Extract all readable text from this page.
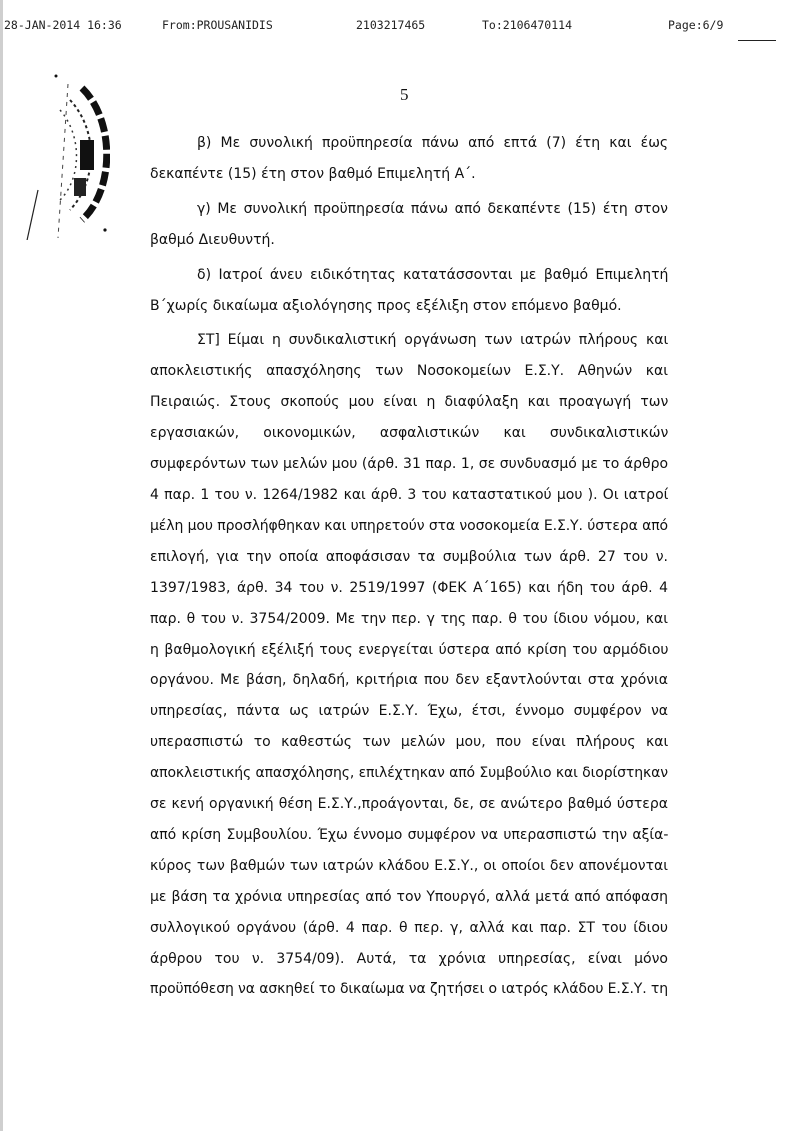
28-JAN-2014 16:36	From:PROUSANIDIS	2103217465	To:2106470114	Page:6/9
5
β) Με συνολική προϋπηρεσία πάνω από επτά (7) έτη και έως
δεκαπέντε (15) έτη στον βαθμό Επιμελητή Α΄.
γ) Με συνολική προϋπηρεσία πάνω από δεκαπέντε (15) έτη στον
βαθμό Διευθυντή.
δ) Ιατροί άνευ ειδικότητας κατατάσσονται με βαθμό Επιμελητή
Β΄χωρίς δικαίωμα αξιολόγησης προς εξέλιξη στον επόμενο βαθμό.
ΣΤ] Είμαι η συνδικαλιστική οργάνωση των ιατρών πλήρους και
αποκλειστικής απασχόλησης των Νοσοκομείων Ε.Σ.Υ. Αθηνών και
Πειραιώς. Στους σκοπούς μου είναι η διαφύλαξη και προαγωγή των
εργασιακών, οικονομικών, ασφαλιστικών και συνδικαλιστικών
συμφερόντων των μελών μου (άρθ. 31 παρ. 1, σε συνδυασμό με το άρθρο
4 παρ. 1 του ν. 1264/1982 και άρθ. 3 του καταστατικού μου ). Οι ιατροί
μέλη μου προσλήφθηκαν και υπηρετούν στα νοσοκομεία Ε.Σ.Υ. ύστερα από
επιλογή, για την οποία αποφάσισαν τα συμβούλια των άρθ. 27 του ν.
1397/1983, άρθ. 34 του ν. 2519/1997 (ΦΕΚ Α΄165) και ήδη του άρθ. 4
παρ. θ του ν. 3754/2009. Με την περ. γ της παρ. θ του ίδιου νόμου, και
η βαθμολογική εξέλιξή τους ενεργείται ύστερα από κρίση του αρμόδιου
οργάνου. Με βάση, δηλαδή, κριτήρια που δεν εξαντλούνται στα χρόνια
υπηρεσίας, πάντα ως ιατρών Ε.Σ.Υ. Έχω, έτσι, έννομο συμφέρον να
υπερασπιστώ το καθεστώς των μελών μου, που είναι πλήρους και
αποκλειστικής απασχόλησης, επιλέχτηκαν από Συμβούλιο και διορίστηκαν
σε κενή οργανική θέση Ε.Σ.Υ.,προάγονται, δε, σε ανώτερο βαθμό ύστερα
από κρίση Συμβουλίου. Έχω έννομο συμφέρον να υπερασπιστώ την αξία-
κύρος των βαθμών των ιατρών κλάδου Ε.Σ.Υ., οι οποίοι δεν απονέμονται
με βάση τα χρόνια υπηρεσίας από τον Υπουργό, αλλά μετά από απόφαση
συλλογικού οργάνου (άρθ. 4 παρ. θ περ. γ, αλλά και παρ. ΣΤ του ίδιου
άρθρου του ν. 3754/09). Αυτά, τα χρόνια υπηρεσίας, είναι μόνο
προϋπόθεση να ασκηθεί το δικαίωμα να ζητήσει ο ιατρός κλάδου Ε.Σ.Υ. τη
